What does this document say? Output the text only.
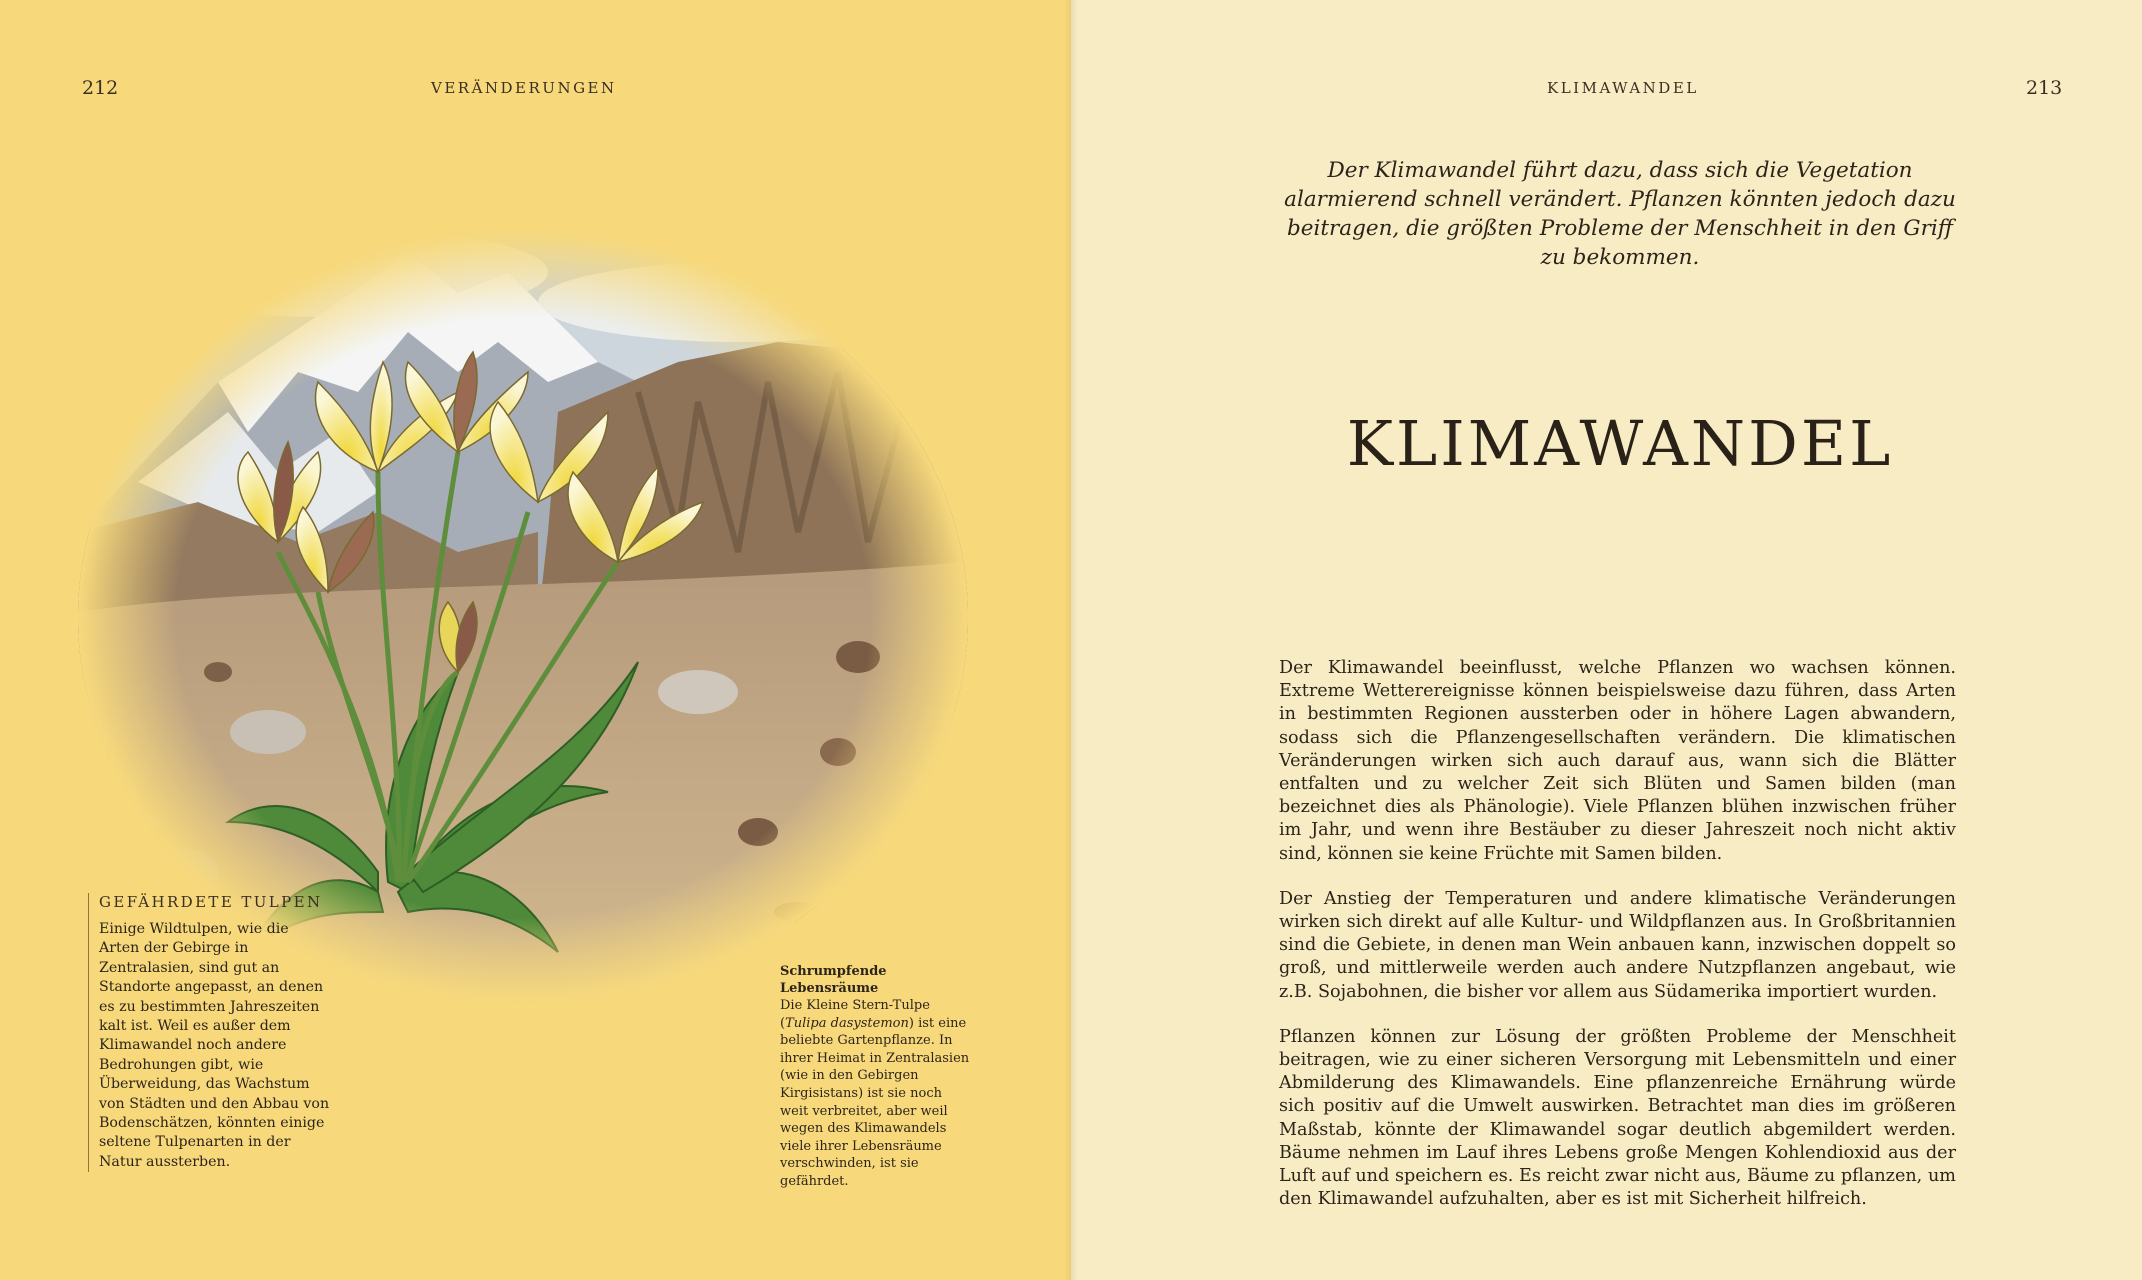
212	VERÄNDERUNGEN
GEFÄHRDETE TULPEN
Einige Wildtulpen, wie die Arten der Gebirge in Zentralasien, sind gut an Standorte angepasst, an denen es zu bestimmten Jahreszeiten kalt ist. Weil es außer dem Klimawandel noch andere Bedrohungen gibt, wie Überweidung, das Wachstum von Städten und den Abbau von Bodenschätzen, könnten einige seltene Tulpenarten in der Natur aussterben.
Schrumpfende Lebensräume
Die Kleine Stern-Tulpe (Tulipa dasystemon) ist eine beliebte Gartenpflanze. In ihrer Heimat in Zentralasien (wie in den Gebirgen Kirgisistans) ist sie noch weit verbreitet, aber weil wegen des Klimawandels viele ihrer Lebensräume verschwinden, ist sie gefährdet.
KLIMAWANDEL	213
Der Klimawandel führt dazu, dass sich die Vegetation alarmierend schnell verändert. Pflanzen könnten jedoch dazu beitragen, die größten Probleme der Menschheit in den Griff zu bekommen.
KLIMAWANDEL

Der Klimawandel beeinflusst, welche Pflanzen wo wachsen können. Extreme Wetterereignisse können beispielsweise dazu führen, dass Arten in bestimmten Regionen aussterben oder in höhere Lagen abwandern, sodass sich die Pflanzengesellschaften verändern. Die klimatischen Veränderungen wirken sich auch darauf aus, wann sich die Blätter entfalten und zu welcher Zeit sich Blüten und Samen bilden (man bezeichnet dies als Phänologie). Viele Pflanzen blühen inzwischen früher im Jahr, und wenn ihre Bestäuber zu dieser Jahreszeit noch nicht aktiv sind, können sie keine Früchte mit Samen bilden.

Der Anstieg der Temperaturen und andere klimatische Veränderungen wirken sich direkt auf alle Kultur- und Wildpflanzen aus. In Großbritannien sind die Gebiete, in denen man Wein anbauen kann, inzwischen doppelt so groß, und mittlerweile werden auch andere Nutzpflanzen angebaut, wie z.B. Sojabohnen, die bisher vor allem aus Südamerika importiert wurden.

Pflanzen können zur Lösung der größten Probleme der Menschheit beitragen, wie zu einer sicheren Versorgung mit Lebensmitteln und einer Abmilderung des Klimawandels. Eine pflanzenreiche Ernährung würde sich positiv auf die Umwelt auswirken. Betrachtet man dies im größeren Maßstab, könnte der Klimawandel sogar deutlich abgemildert werden. Bäume nehmen im Lauf ihres Lebens große Mengen Kohlendioxid aus der Luft auf und speichern es. Es reicht zwar nicht aus, Bäume zu pflanzen, um den Klimawandel aufzuhalten, aber es ist mit Sicherheit hilfreich.
